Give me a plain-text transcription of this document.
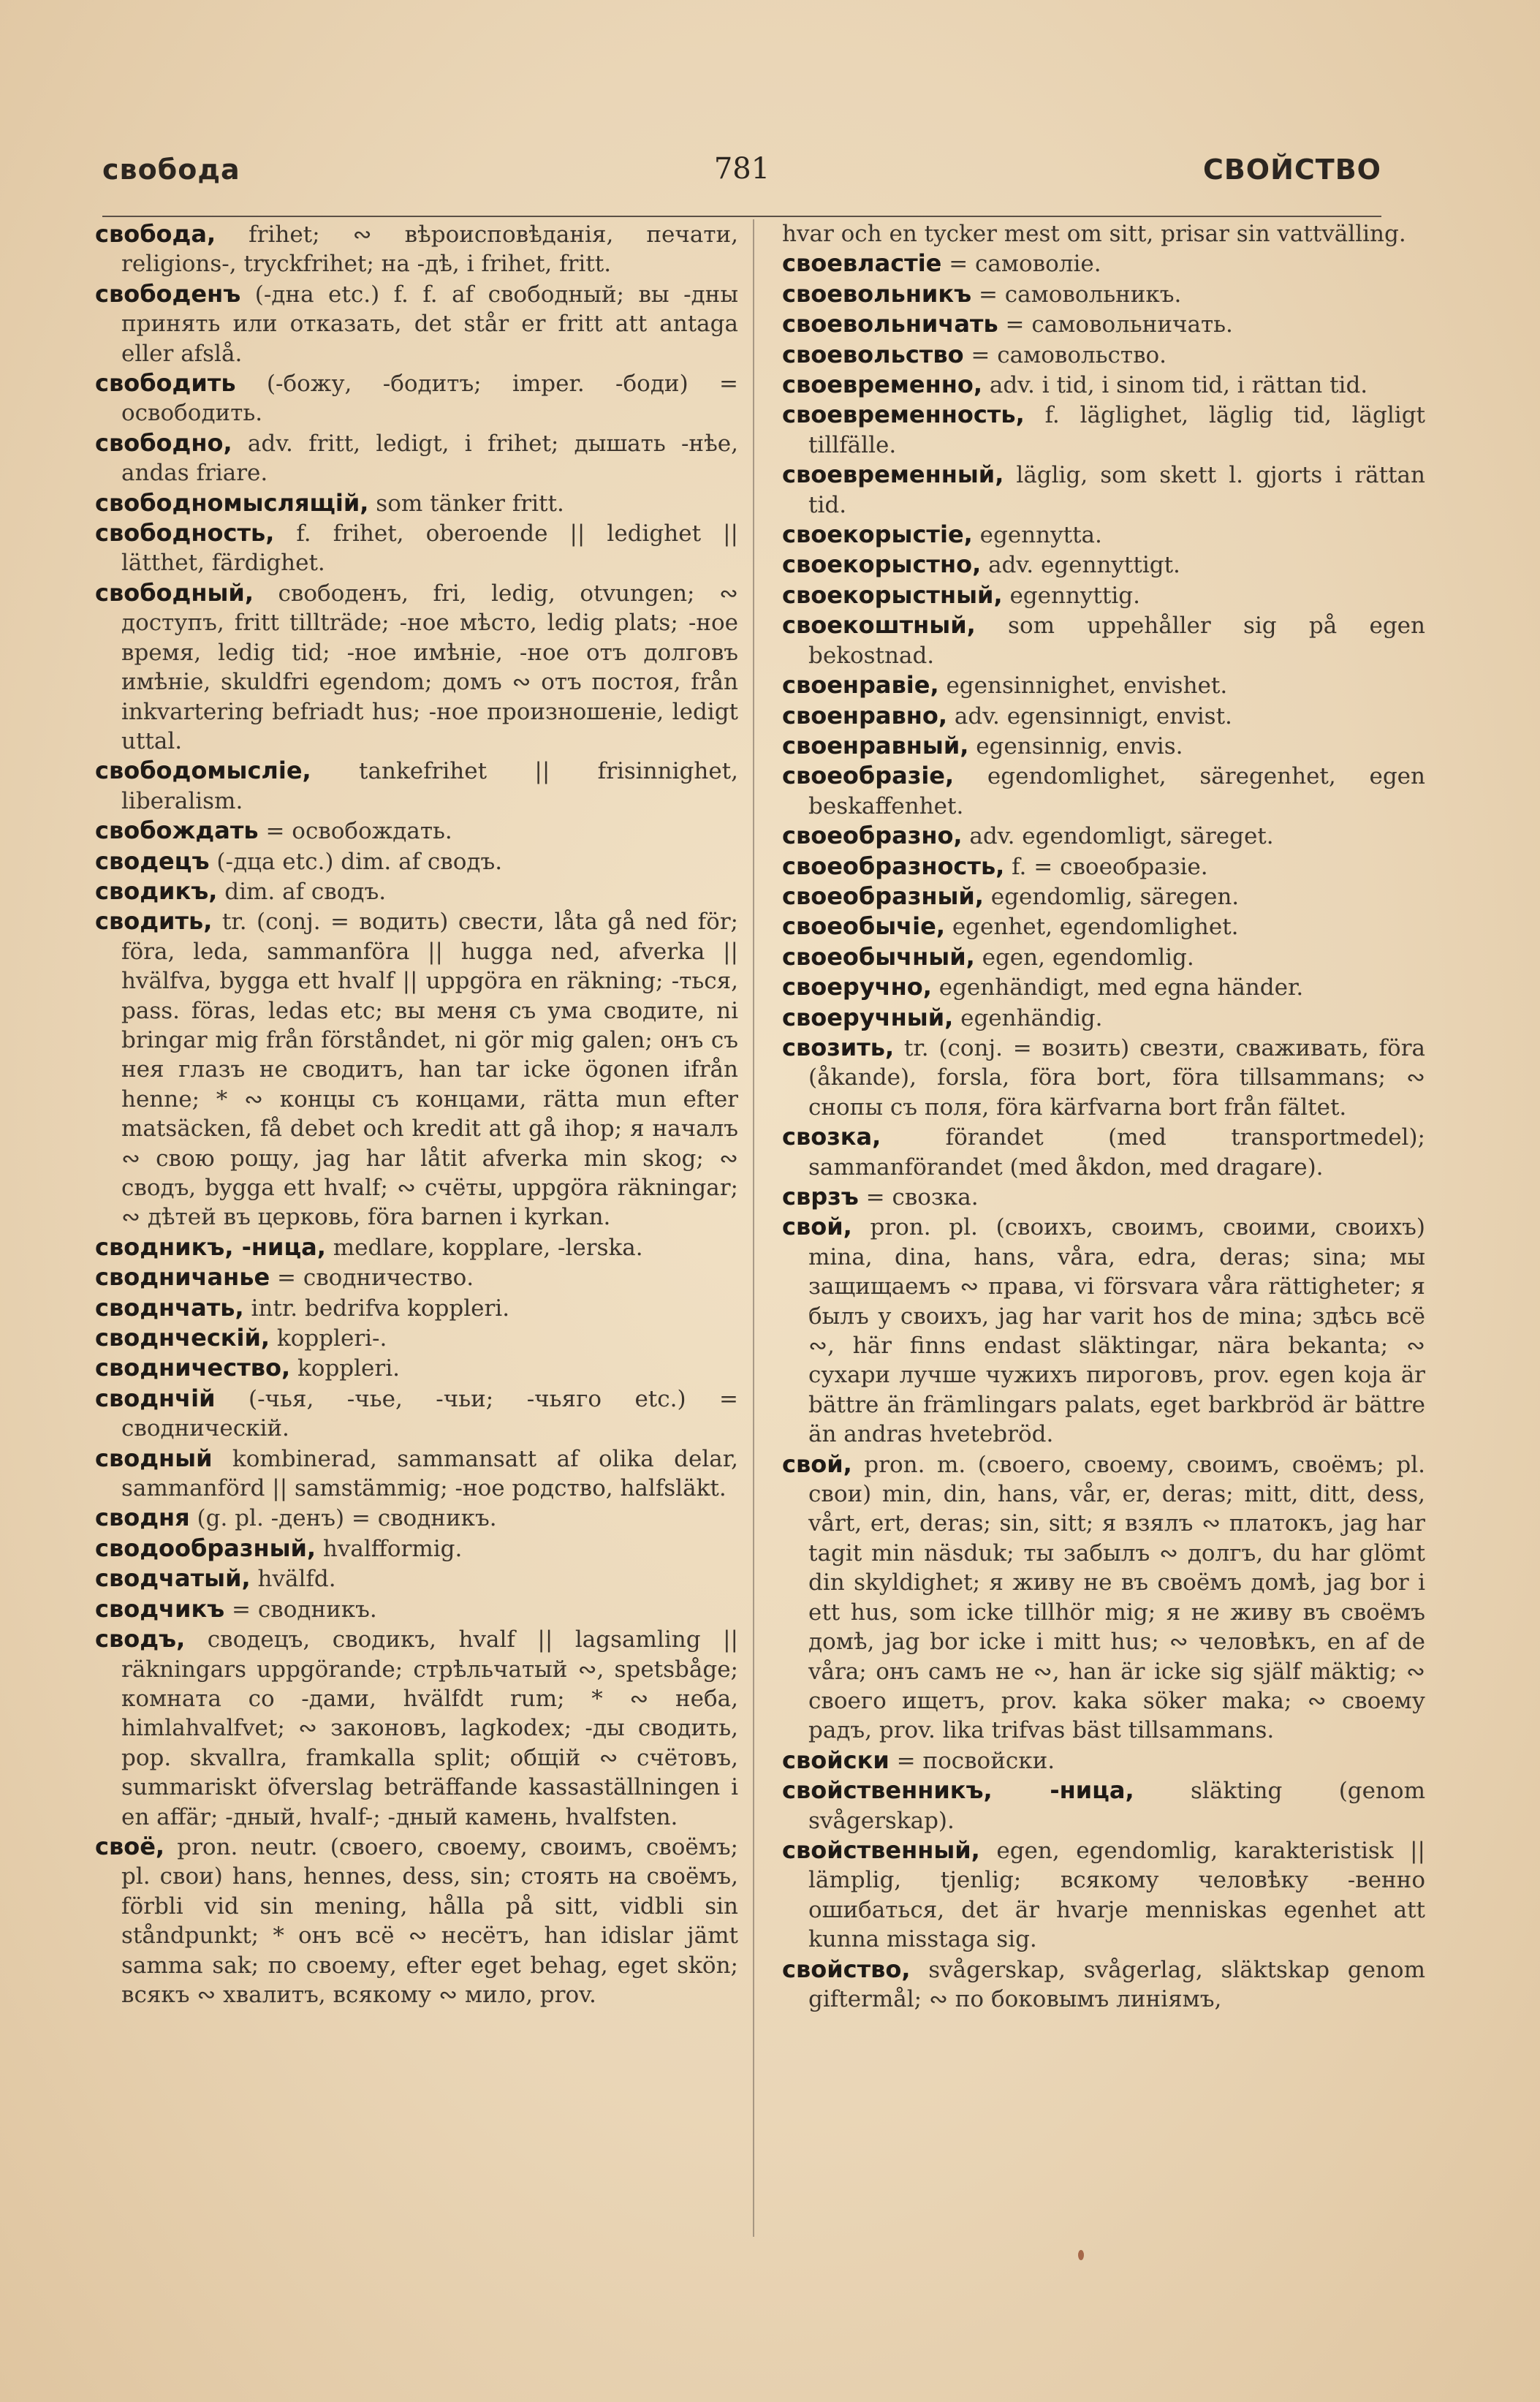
свобода	781	СВОЙСТВО

свобода, frihet; ∾ вѣроисповѣданія, печати, religions-, tryckfrihet; на -дѣ, i frihet, fritt.

свободенъ (-дна etc.) f. f. af свободный; вы -дны принять или отказать, det står er fritt att antaga eller afslå.

свободить (-божу, -бодитъ; imper. -боди) = освободить.

свободно, adv. fritt, ledigt, i frihet; дышать -нѣе, andas friare.

свободномыслящій, som tänker fritt.

свободность, f. frihet, oberoende || ledighet || lätthet, färdighet.

свободный, свободенъ, fri, ledig, otvungen; ∾ доступъ, fritt tillträde; -ное мѣсто, ledig plats; -ное время, ledig tid; -ное имѣніе, -ное отъ долговъ имѣніе, skuldfri egendom; домъ ∾ отъ постоя, från inkvartering befriadt hus; -ное произношеніе, ledigt uttal.

свободомысліе, tankefrihet || frisinnighet, liberalism.

свобождать = освобождать.

сводецъ (-дца etc.) dim. af сводъ.

сводикъ, dim. af сводъ.

сводить, tr. (conj. = водить) свести, låta gå ned för; föra, leda, sammanföra || hugga ned, afverka || hvälfva, bygga ett hvalf || uppgöra en räkning; -ться, pass. föras, ledas etc; вы меня съ ума сводите, ni bringar mig från förståndet, ni gör mig galen; онъ съ нея глазъ не сводитъ, han tar icke ögonen ifrån henne; * ∾ концы съ концами, rätta mun efter matsäcken, få debet och kredit att gå ihop; я началъ ∾ свою рощу, jag har låtit afverka min skog; ∾ сводъ, bygga ett hvalf; ∾ счёты, uppgöra räkningar; ∾ дѣтей въ церковь, föra barnen i kyrkan.

сводникъ, -ница, medlare, kopplare, -lerska.

сводничанье = сводничество.

своднчать, intr. bedrifva koppleri.

своднческій, koppleri-.

сводничество, koppleri.

своднчій (-чья, -чье, -чьи; -чьяго etc.) = сводническій.

сводный kombinerad, sammansatt af olika delar, sammanförd || samstämmig; -ное родство, halfsläkt.

сводня (g. pl. -денъ) = сводникъ.

сводообразный, hvalfformig.

сводчатый, hvälfd.

сводчикъ = сводникъ.

сводъ, сводецъ, сводикъ, hvalf || lagsamling || räkningars uppgörande; стрѣльчатый ∾, spetsbåge; комната со -дами, hvälfdt rum; * ∾ неба, himlahvalfvet; ∾ законовъ, lagkodex; -ды сводить, pop. skvallra, framkalla split; общій ∾ счётовъ, summariskt öfverslag beträffande kassaställningen i en affär; -дный, hvalf-; -дный камень, hvalfsten.

своё, pron. neutr. (своего, своему, своимъ, своёмъ; pl. свои) hans, hennes, dess, sin; стоять на своёмъ, förbli vid sin mening, hålla på sitt, vidbli sin ståndpunkt; * онъ всё ∾ несётъ, han idislar jämt samma sak; по своему, efter eget behag, eget skön; всякъ ∾ хвалитъ, всякому ∾ мило, prov.

hvar och en tycker mest om sitt, prisar sin vattvälling.

своевластіе = самоволіе.

своевольникъ = самовольникъ.

своевольничать = самовольничать.

своевольство = самовольство.

своевременно, adv. i tid, i sinom tid, i rättan tid.

своевременность, f. läglighet, läglig tid, lägligt tillfälle.

своевременный, läglig, som skett l. gjorts i rättan tid.

своекорыстіе, egennytta.

своекорыстно, adv. egennyttigt.

своекорыстный, egennyttig.

своекоштный, som uppehåller sig på egen bekostnad.

своенравіе, egensinnighet, envishet.

своенравно, adv. egensinnigt, envist.

своенравный, egensinnig, envis.

своеобразіе, egendomlighet, säregenhet, egen beskaffenhet.

своеобразно, adv. egendomligt, säreget.

своеобразность, f. = своеобразіе.

своеобразный, egendomlig, säregen.

своеобычіе, egenhet, egendomlighet.

своеобычный, egen, egendomlig.

своеручно, egenhändigt, med egna händer.

своеручный, egenhändig.

свозить, tr. (conj. = возить) свезти, сваживать, föra (åkande), forsla, föra bort, föra tillsammans; ∾ снопы съ поля, föra kärfvarna bort från fältet.

свозка, förandet (med transportmedel); sammanförandet (med åkdon, med dragare).

сврзъ = свозка.

свой, pron. pl. (своихъ, своимъ, своими, своихъ) mina, dina, hans, våra, edra, deras; sina; мы защищаемъ ∾ права, vi försvara våra rättigheter; я былъ у своихъ, jag har varit hos de mina; здѣсь всё ∾, här finns endast släktingar, nära bekanta; ∾ сухари лучше чужихъ пироговъ, prov. egen koja är bättre än främlingars palats, eget barkbröd är bättre än andras hvetebröd.

свой, pron. m. (своего, своему, своимъ, своёмъ; pl. свои) min, din, hans, vår, er, deras; mitt, ditt, dess, vårt, ert, deras; sin, sitt; я взялъ ∾ платокъ, jag har tagit min näsduk; ты забылъ ∾ долгъ, du har glömt din skyldighet; я живу не въ своёмъ домѣ, jag bor i ett hus, som icke tillhör mig; я не живу въ своёмъ домѣ, jag bor icke i mitt hus; ∾ человѣкъ, en af de våra; онъ самъ не ∾, han är icke sig själf mäktig; ∾ своего ищетъ, prov. kaka söker maka; ∾ своему радъ, prov. lika trifvas bäst tillsammans.

свойски = посвойски.

свойственникъ, -ница, släkting (genom svågerskap).

свойственный, egen, egendomlig, karakteristisk || lämplig, tjenlig; всякому человѣку -венно ошибаться, det är hvarje menniskas egenhet att kunna misstaga sig.

свойство, svågerskap, svågerlag, släktskap genom giftermål; ∾ по боковымъ линіямъ,
